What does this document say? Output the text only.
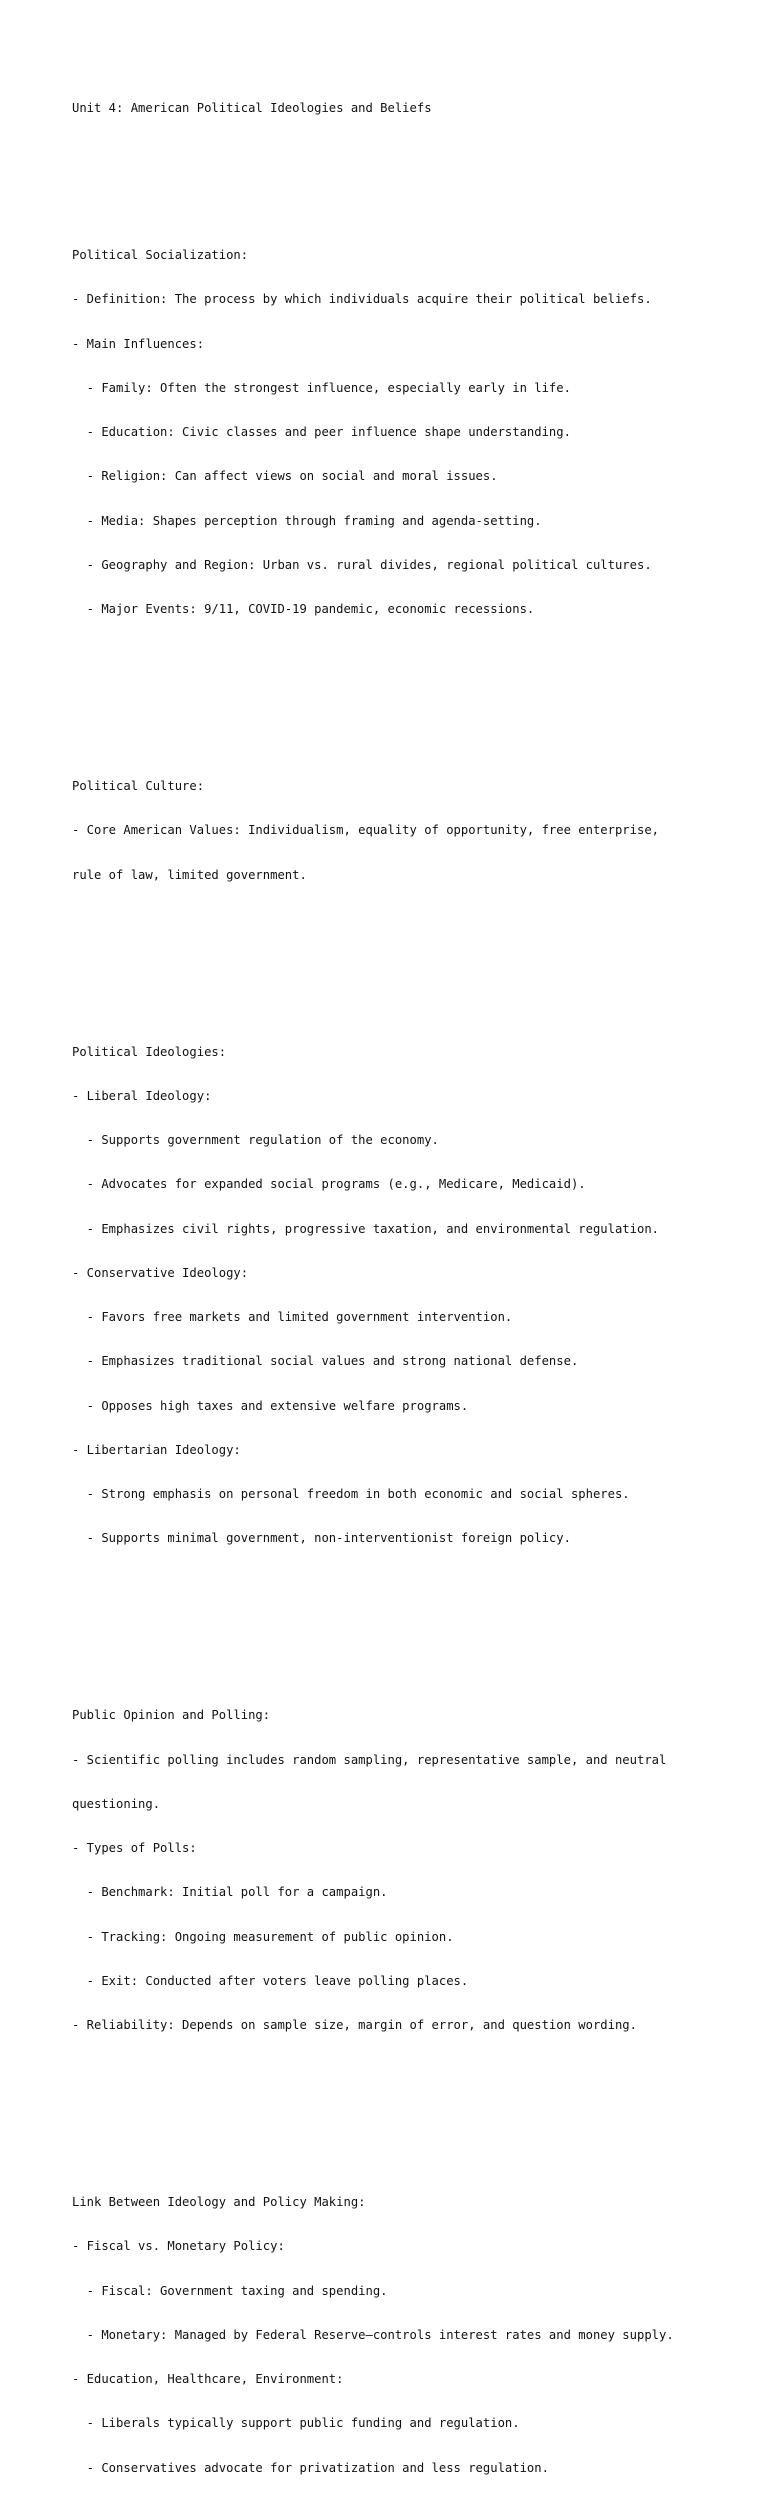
Unit 4: American Political Ideologies and Beliefs

Political Socialization:

- Definition: The process by which individuals acquire their political beliefs.

- Main Influences:

- Family: Often the strongest influence, especially early in life.

- Education: Civic classes and peer influence shape understanding.

- Religion: Can affect views on social and moral issues.

- Media: Shapes perception through framing and agenda-setting.

- Geography and Region: Urban vs. rural divides, regional political cultures.

- Major Events: 9/11, COVID-19 pandemic, economic recessions.

Political Culture:

- Core American Values: Individualism, equality of opportunity, free enterprise,

rule of law, limited government.

Political Ideologies:

- Liberal Ideology:

- Supports government regulation of the economy.

- Advocates for expanded social programs (e.g., Medicare, Medicaid).

- Emphasizes civil rights, progressive taxation, and environmental regulation.

- Conservative Ideology:

- Favors free markets and limited government intervention.

- Emphasizes traditional social values and strong national defense.

- Opposes high taxes and extensive welfare programs.

- Libertarian Ideology:

- Strong emphasis on personal freedom in both economic and social spheres.

- Supports minimal government, non-interventionist foreign policy.

Public Opinion and Polling:

- Scientific polling includes random sampling, representative sample, and neutral

questioning.

- Types of Polls:

- Benchmark: Initial poll for a campaign.

- Tracking: Ongoing measurement of public opinion.

- Exit: Conducted after voters leave polling places.

- Reliability: Depends on sample size, margin of error, and question wording.

Link Between Ideology and Policy Making:

- Fiscal vs. Monetary Policy:

- Fiscal: Government taxing and spending.

- Monetary: Managed by Federal Reserve—controls interest rates and money supply.

- Education, Healthcare, Environment:

- Liberals typically support public funding and regulation.

- Conservatives advocate for privatization and less regulation.
